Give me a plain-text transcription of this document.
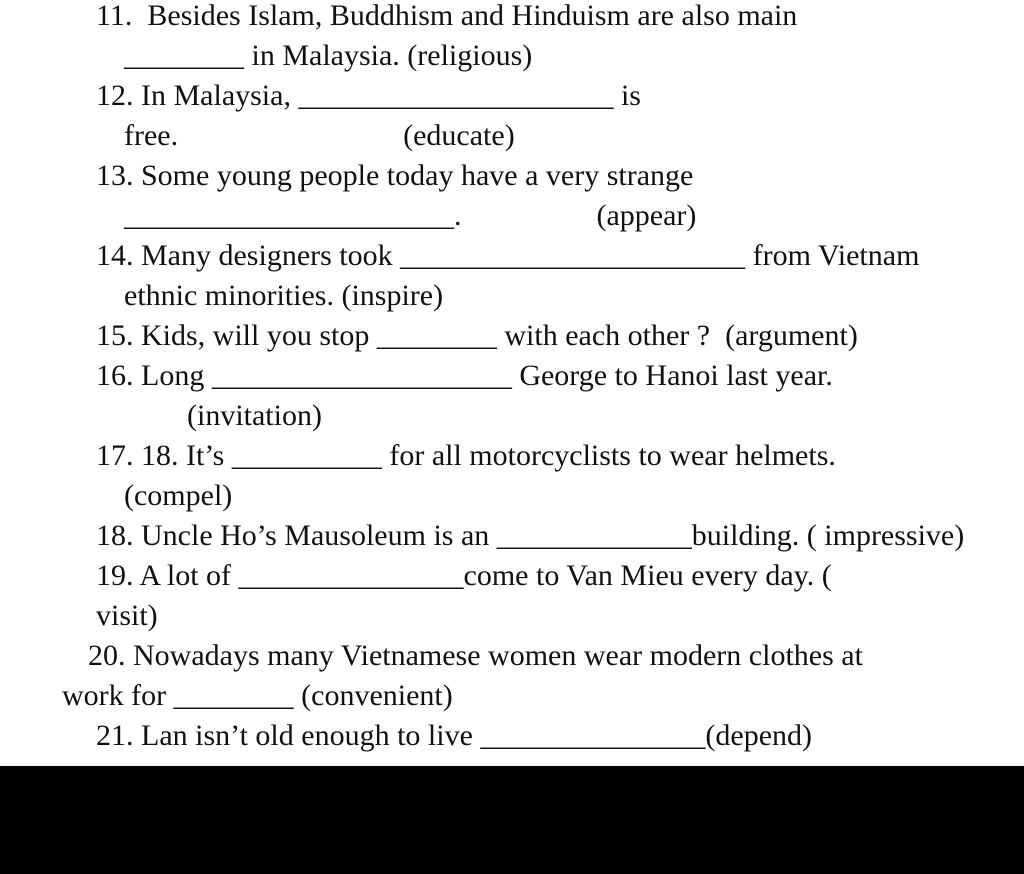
11.  Besides Islam, Buddhism and Hinduism are also main
________ in Malaysia. (religious)
12. In Malaysia, _____________________ is
free.                              (educate)
13. Some young people today have a very strange
______________________.                  (appear)
14. Many designers took _______________________ from Vietnam
ethnic minorities. (inspire)
15. Kids, will you stop ________ with each other ?  (argument)
16. Long ____________________ George to Hanoi last year.
(invitation)
17. 18. It’s __________ for all motorcyclists to wear helmets.
(compel)
18. Uncle Ho’s Mausoleum is an _____________building. ( impressive)
19. A lot of _______________come to Van Mieu every day. (
visit)
20. Nowadays many Vietnamese women wear modern clothes at
work for ________ (convenient)
21. Lan isn’t old enough to live _______________(depend)
